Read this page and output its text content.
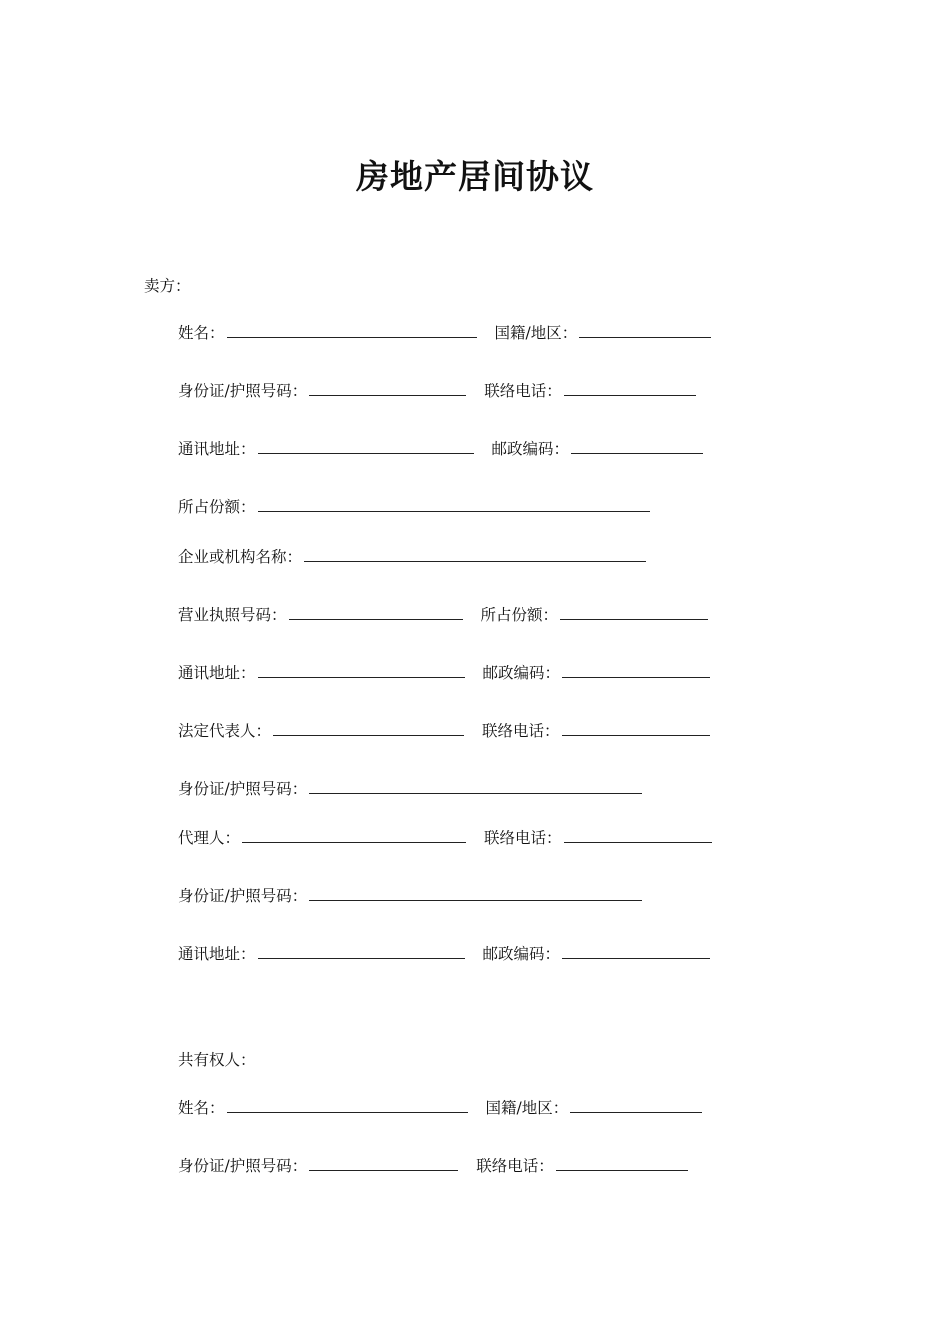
房地产居间协议
卖方：
姓名：	国籍/地区：
身份证/护照号码：	联络电话：
通讯地址：	邮政编码：
所占份额：
企业或机构名称：
营业执照号码：	所占份额：
通讯地址：	邮政编码：
法定代表人：	联络电话：
身份证/护照号码：
代理人：	联络电话：
身份证/护照号码：
通讯地址：	邮政编码：
共有权人：
姓名：	国籍/地区：
身份证/护照号码：	联络电话：
